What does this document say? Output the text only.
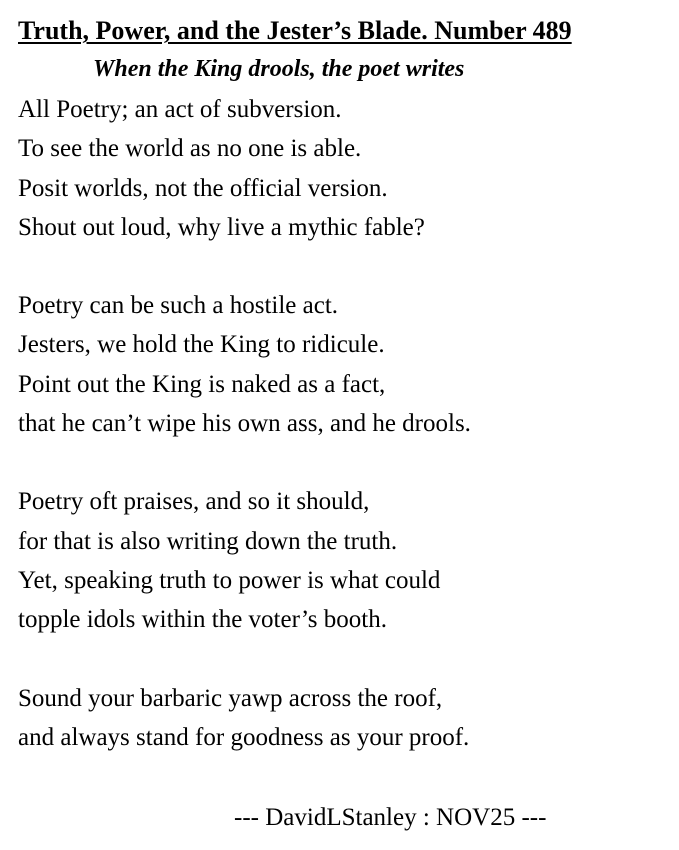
Truth, Power, and the Jester’s Blade. Number 489
When the King drools, the poet writes
All Poetry; an act of subversion.
To see the world as no one is able.
Posit worlds, not the official version.
Shout out loud, why live a mythic fable?
Poetry can be such a hostile act.
Jesters, we hold the King to ridicule.
Point out the King is naked as a fact,
that he can’t wipe his own ass, and he drools.
Poetry oft praises, and so it should,
for that is also writing down the truth.
Yet, speaking truth to power is what could
topple idols within the voter’s booth.
Sound your barbaric yawp across the roof,
and always stand for goodness as your proof.
--- DavidLStanley : NOV25 ---
